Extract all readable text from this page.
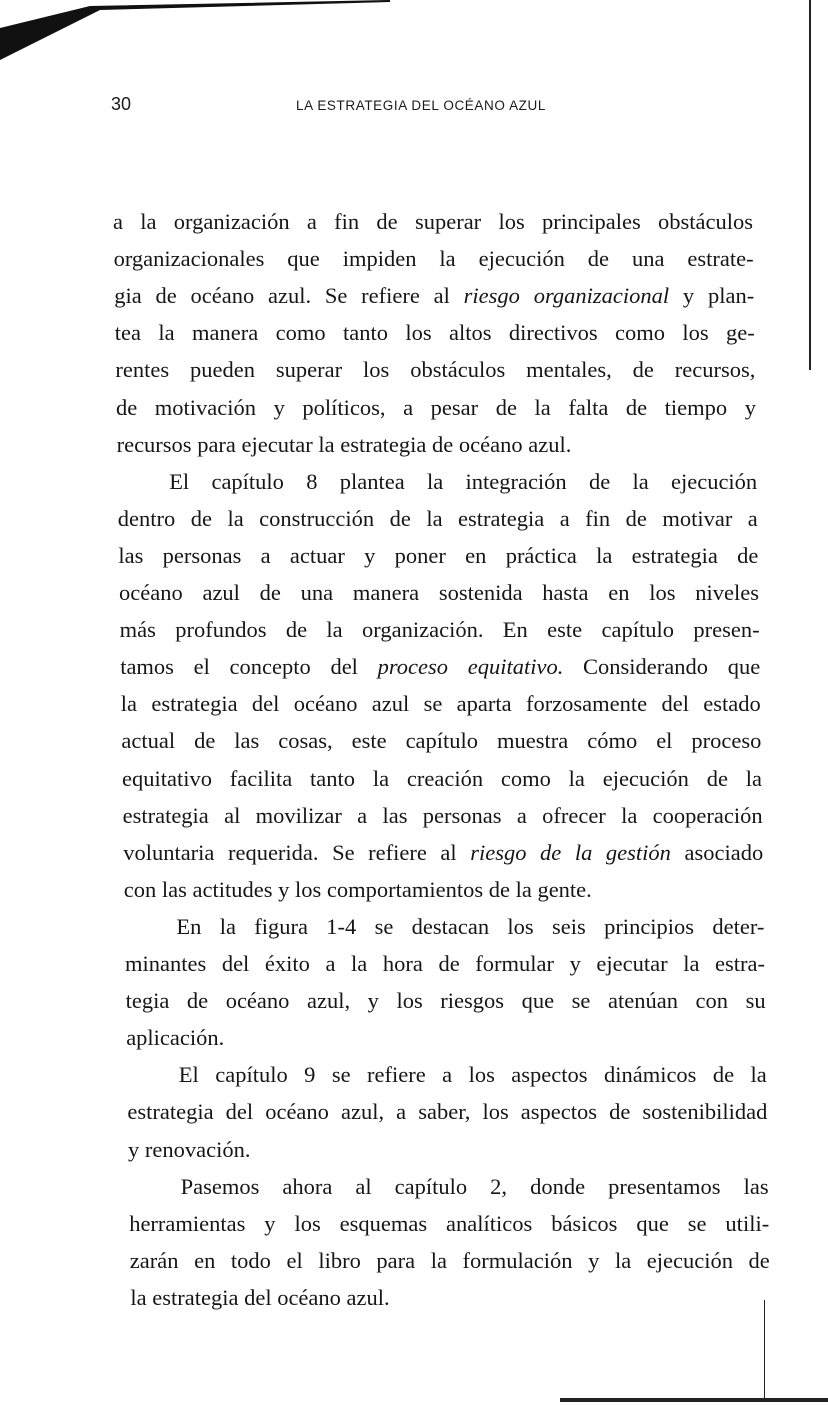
30	LA ESTRATEGIA DEL OCÉANO AZUL
a la organización a fin de superar los principales obstáculos
organizacionales que impiden la ejecución de una estrate-
gia de océano azul. Se refiere al riesgo organizacional y plan-
tea la manera como tanto los altos directivos como los ge-
rentes pueden superar los obstáculos mentales, de recursos,
de motivación y políticos, a pesar de la falta de tiempo y
recursos para ejecutar la estrategia de océano azul.
El capítulo 8 plantea la integración de la ejecución
dentro de la construcción de la estrategia a fin de motivar a
las personas a actuar y poner en práctica la estrategia de
océano azul de una manera sostenida hasta en los niveles
más profundos de la organización. En este capítulo presen-
tamos el concepto del proceso equitativo. Considerando que
la estrategia del océano azul se aparta forzosamente del estado
actual de las cosas, este capítulo muestra cómo el proceso
equitativo facilita tanto la creación como la ejecución de la
estrategia al movilizar a las personas a ofrecer la cooperación
voluntaria requerida. Se refiere al riesgo de la gestión asociado
con las actitudes y los comportamientos de la gente.
En la figura 1-4 se destacan los seis principios deter-
minantes del éxito a la hora de formular y ejecutar la estra-
tegia de océano azul, y los riesgos que se atenúan con su
aplicación.
El capítulo 9 se refiere a los aspectos dinámicos de la
estrategia del océano azul, a saber, los aspectos de sostenibilidad
y renovación.
Pasemos ahora al capítulo 2, donde presentamos las
herramientas y los esquemas analíticos básicos que se utili-
zarán en todo el libro para la formulación y la ejecución de
la estrategia del océano azul.
